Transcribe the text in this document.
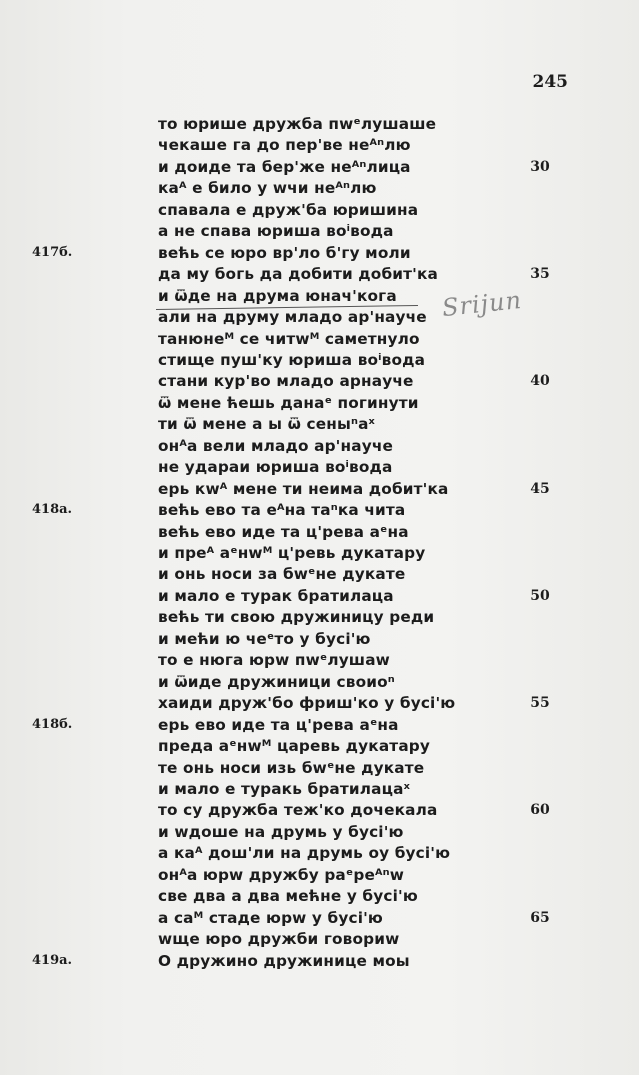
245
то юрише дружба пwᵉлушаше
чекаше га до пер'ве неᴬⁿлю
и доиде та бер'же неᴬⁿлица
каᴬ е било у wчи неᴬⁿлю
спавала е друж'ба юришина
а не спава юриша воⁱвода
већь се юро вр'ло б'гу моли
да му богь да добити добит'ка
и ѿде на друма юнач'кога
али на друму младо ар'науче
танюнеᴹ се читwᴹ саметнуло
стище пуш'ку юриша воⁱвода
стани кур'во младо арнауче
ѿ мене ћешь данаᵉ погинути
ти ѿ мене а ы ѿ сеныⁿаˣ
онᴬа вели младо ар'науче
не удараи юриша воⁱвода
ерь кwᴬ мене ти неима добит'ка
већь ево та еᴬна таⁿка чита
већь ево иде та ц'рева аᵉна
и преᴬ аᵉнwᴹ ц'ревь дукатару
и онь носи за бwᵉне дукате
и мало е турак братилаца
већь ти свою дружиницу реди
и мећи ю чеᵉто у бусі'ю
то е нюга юрw пwᵉлушаw
и ѿиде дружиници своиоⁿ
хаиди друж'бо фриш'ко у бусі'ю
ерь ево иде та ц'рева аᵉна
преда аᵉнwᴹ царевь дукатару
те онь носи изь бwᵉне дукате
и мало е туракь братилацаˣ
то су дружба теж'ко дочекала
и wдоше на друмь у бусі'ю
а каᴬ дош'ли на друмь оу бусі'ю
онᴬа юрw дружбу раᵉреᴬⁿw
све два а два мећне у бусі'ю
а саᴹ стаде юрw у бусі'ю
wще юро дружби говориw
О дружино дружинице моы
30
35
40
45
50
55
60
65
417б.
418а.
418б.
419а.
Srijun
